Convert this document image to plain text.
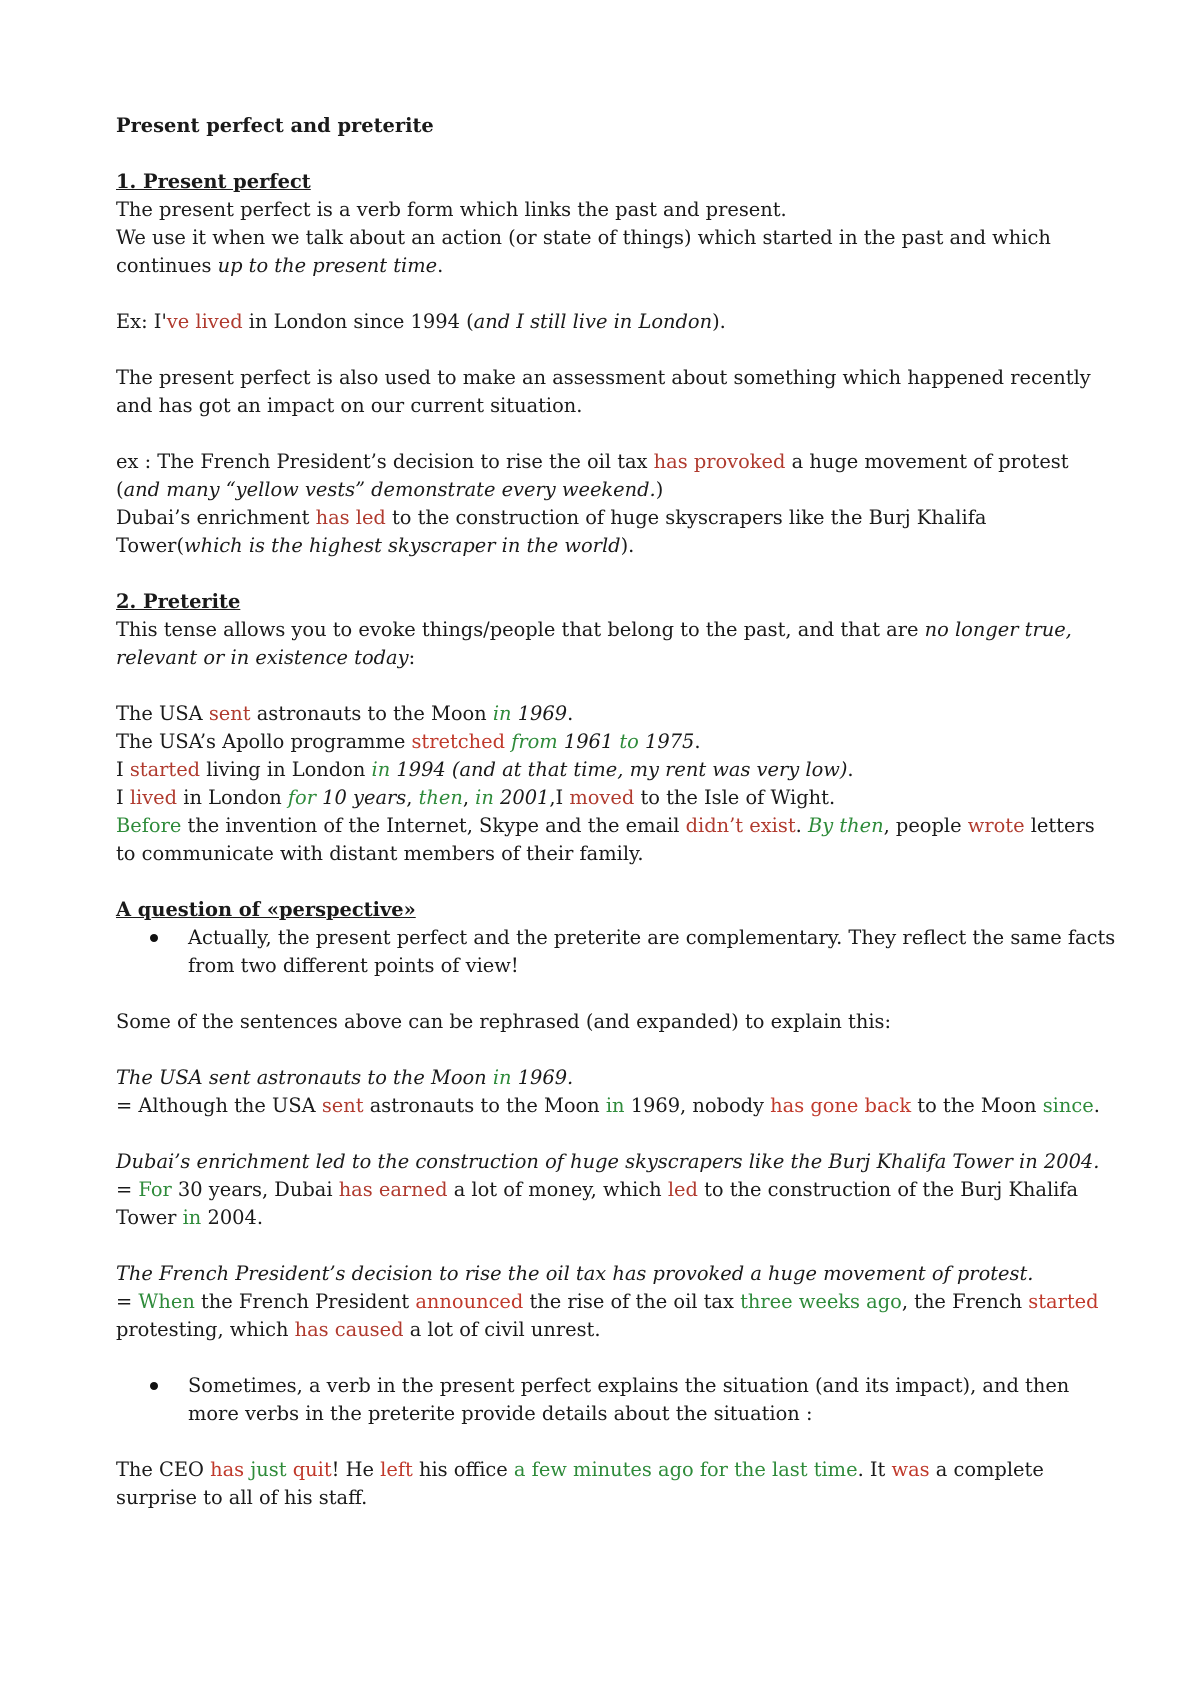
Present perfect and preterite
1. Present perfect
The present perfect is a verb form which links the past and present.
We use it when we talk about an action (or state of things) which started in the past and which
continues up to the present time.
Ex: I've lived in London since 1994 (and I still live in London).
The present perfect is also used to make an assessment about something which happened recently
and has got an impact on our current situation.
ex : The French President’s decision to rise the oil tax has provoked a huge movement of protest
(and many “yellow vests” demonstrate every weekend.)
Dubai’s enrichment has led to the construction of huge skyscrapers like the Burj Khalifa
Tower(which is the highest skyscraper in the world).
2. Preterite
This tense allows you to evoke things/people that belong to the past, and that are no longer true,
relevant or in existence today:
The USA sent astronauts to the Moon in 1969.
The USA’s Apollo programme stretched from 1961 to 1975.
I started living in London in 1994 (and at that time, my rent was very low).
I lived in London for 10 years, then, in 2001,I moved to the Isle of Wight.
Before the invention of the Internet, Skype and the email didn’t exist. By then, people wrote letters
to communicate with distant members of their family.
A question of «perspective»
Actually, the present perfect and the preterite are complementary. They reflect the same facts
from two different points of view!
Some of the sentences above can be rephrased (and expanded) to explain this:
The USA sent astronauts to the Moon in 1969.
= Although the USA sent astronauts to the Moon in 1969, nobody has gone back to the Moon since.
Dubai’s enrichment led to the construction of huge skyscrapers like the Burj Khalifa Tower in 2004.
= For 30 years, Dubai has earned a lot of money, which led to the construction of the Burj Khalifa
Tower in 2004.
The French President’s decision to rise the oil tax has provoked a huge movement of protest.
= When the French President announced the rise of the oil tax three weeks ago, the French started
protesting, which has caused a lot of civil unrest.
Sometimes, a verb in the present perfect explains the situation (and its impact), and then
more verbs in the preterite provide details about the situation :
The CEO has just quit! He left his office a few minutes ago for the last time. It was a complete
surprise to all of his staff.
